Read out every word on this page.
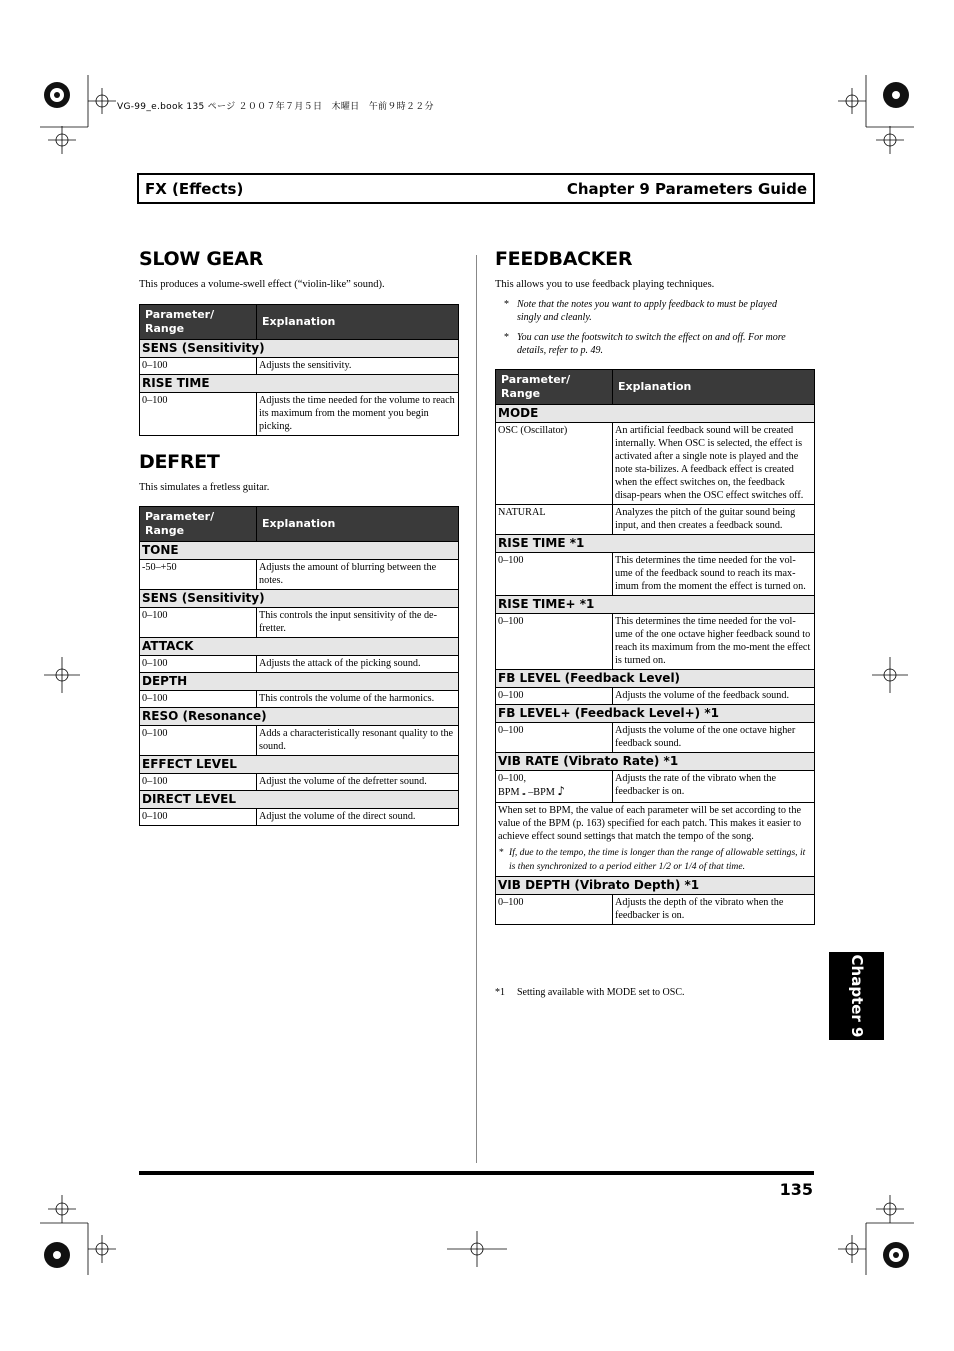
VG-99_e.book 135 ページ ２００７年７月５日　木曜日　午前９時２２分
FX (Effects)	Chapter 9 Parameters Guide
SLOW GEAR
This produces a volume-swell effect (“violin-like” sound).
Parameter/
Range	Explanation
SENS (Sensitivity)	
0–100	Adjusts the sensitivity.
RISE TIME	
0–100	Adjusts the time needed for the volume to reach its maximum from the moment you begin picking.
DEFRET
This simulates a fretless guitar.
Parameter/
Range	Explanation
TONE	
-50–+50	Adjusts the amount of blurring between the notes.
SENS (Sensitivity)	
0–100	This controls the input sensitivity of the de-fretter.
ATTACK	
0–100	Adjusts the attack of the picking sound.
DEPTH	
0–100	This controls the volume of the harmonics.
RESO (Resonance)	
0–100	Adds a characteristically resonant quality to the sound.
EFFECT LEVEL	
0–100	Adjust the volume of the defretter sound.
DIRECT LEVEL	
0–100	Adjust the volume of the direct sound.
FEEDBACKER
This allows you to use feedback playing techniques.
* Note that the notes you want to apply feedback to must be played singly and cleanly.
* You can use the footswitch to switch the effect on and off. For more details, refer to p. 49.
Parameter/
Range	Explanation
MODE	
OSC (Oscillator)	An artificial feedback sound will be created internally. When OSC is selected, the effect is activated after a single note is played and the note sta-bilizes. A feedback effect is created when the effect switches on, the feedback disap-pears when the OSC effect switches off.
NATURAL	Analyzes the pitch of the guitar sound being input, and then creates a feedback sound.
RISE TIME *1	
0–100	This determines the time needed for the vol-ume of the feedback sound to reach its max-imum from the moment the effect is turned on.
RISE TIME+ *1	
0–100	This determines the time needed for the vol-ume of the one octave higher feedback sound to reach its maximum from the mo-ment the effect is turned on.
FB LEVEL (Feedback Level)	
0–100	Adjusts the volume of the feedback sound.
FB LEVEL+ (Feedback Level+) *1	
0–100	Adjusts the volume of the one octave higher feedback sound.
VIB RATE (Vibrato Rate) *1	

0–100,
BPM 𝅝 –BPM ♪	Adjusts the rate of the vibrato when the feedbacker is on.
When set to BPM, the value of each parameter will be set according to the value of the BPM (p. 163) specified for each patch. This makes it easier to achieve effect sound settings that match the tempo of the song.
* If, due to the tempo, the time is longer than the range of allowable settings, it is then synchronized to a period either 1/2 or 1/4 of that time.	

VIB DEPTH (Vibrato Depth) *1	
0–100	Adjusts the depth of the vibrato when the feedbacker is on.
*1 Setting available with MODE set to OSC.
135
Chapter 9
